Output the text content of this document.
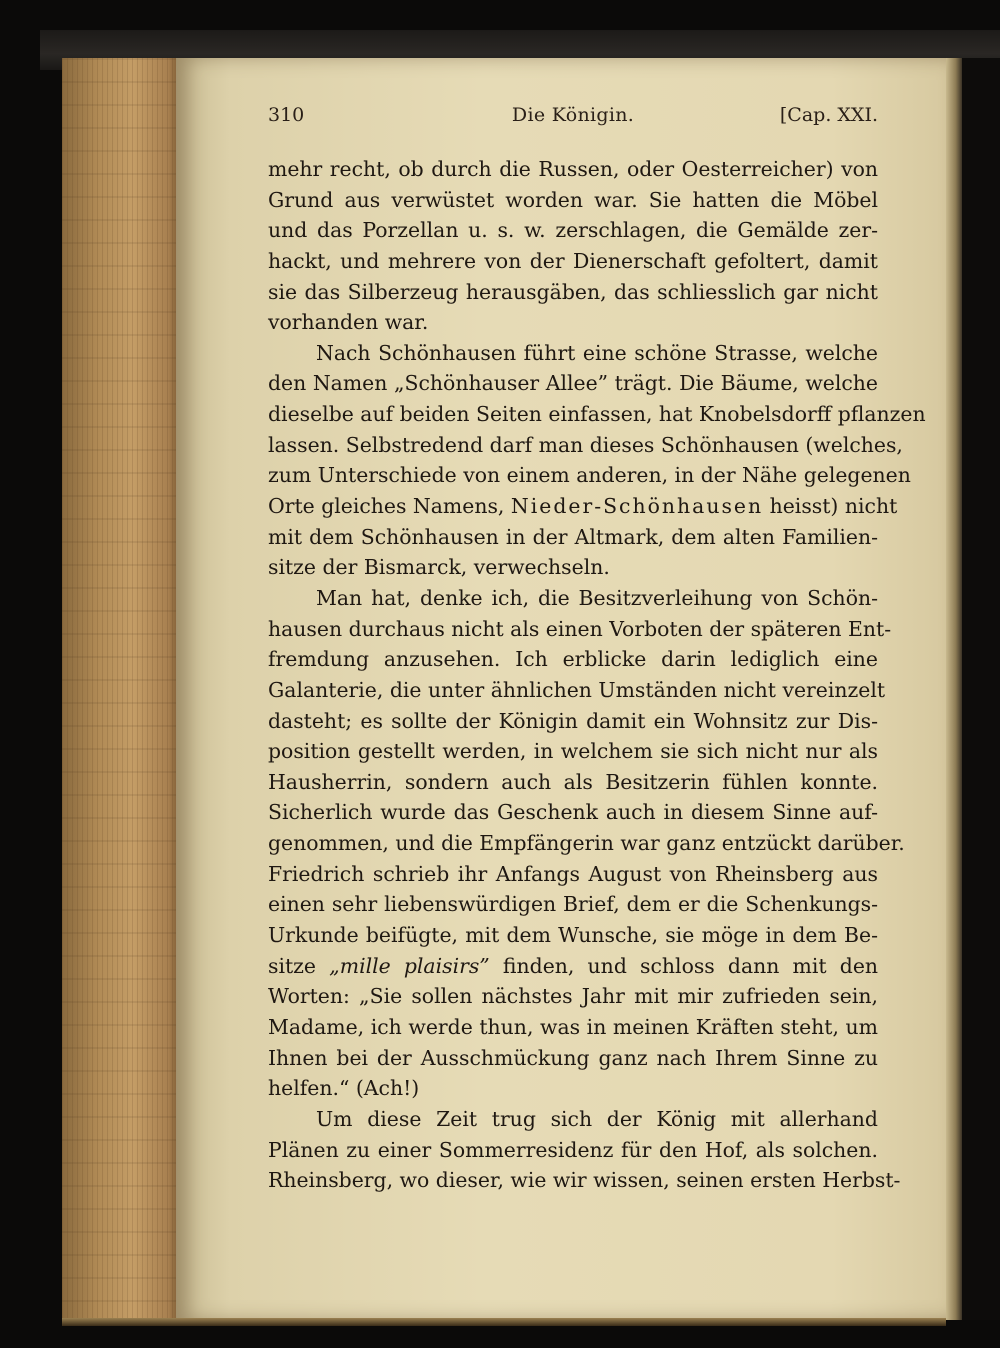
310	Die Königin.	[Cap. XXI.
mehr recht, ob durch die Russen, oder Oesterreicher) von
Grund aus verwüstet worden war. Sie hatten die Möbel
und das Porzellan u. s. w. zerschlagen, die Gemälde zer-
hackt, und mehrere von der Dienerschaft gefoltert, damit
sie das Silberzeug herausgäben, das schliesslich gar nicht
vorhanden war.
Nach Schönhausen führt eine schöne Strasse, welche
den Namen „Schönhauser Allee” trägt. Die Bäume, welche
dieselbe auf beiden Seiten einfassen, hat Knobelsdorff pflanzen
lassen. Selbstredend darf man dieses Schönhausen (welches,
zum Unterschiede von einem anderen, in der Nähe gelegenen
Orte gleiches Namens, Nieder-Schönhausen heisst) nicht
mit dem Schönhausen in der Altmark, dem alten Familien-
sitze der Bismarck, verwechseln.
Man hat, denke ich, die Besitzverleihung von Schön-
hausen durchaus nicht als einen Vorboten der späteren Ent-
fremdung anzusehen. Ich erblicke darin lediglich eine
Galanterie, die unter ähnlichen Umständen nicht vereinzelt
dasteht; es sollte der Königin damit ein Wohnsitz zur Dis-
position gestellt werden, in welchem sie sich nicht nur als
Hausherrin, sondern auch als Besitzerin fühlen konnte.
Sicherlich wurde das Geschenk auch in diesem Sinne auf-
genommen, und die Empfängerin war ganz entzückt darüber.
Friedrich schrieb ihr Anfangs August von Rheinsberg aus
einen sehr liebenswürdigen Brief, dem er die Schenkungs-
Urkunde beifügte, mit dem Wunsche, sie möge in dem Be-
sitze „mille plaisirs” finden, und schloss dann mit den
Worten: „Sie sollen nächstes Jahr mit mir zufrieden sein,
Madame, ich werde thun, was in meinen Kräften steht, um
Ihnen bei der Ausschmückung ganz nach Ihrem Sinne zu
helfen.“ (Ach!)
Um diese Zeit trug sich der König mit allerhand
Plänen zu einer Sommerresidenz für den Hof, als solchen.
Rheinsberg, wo dieser, wie wir wissen, seinen ersten Herbst-
